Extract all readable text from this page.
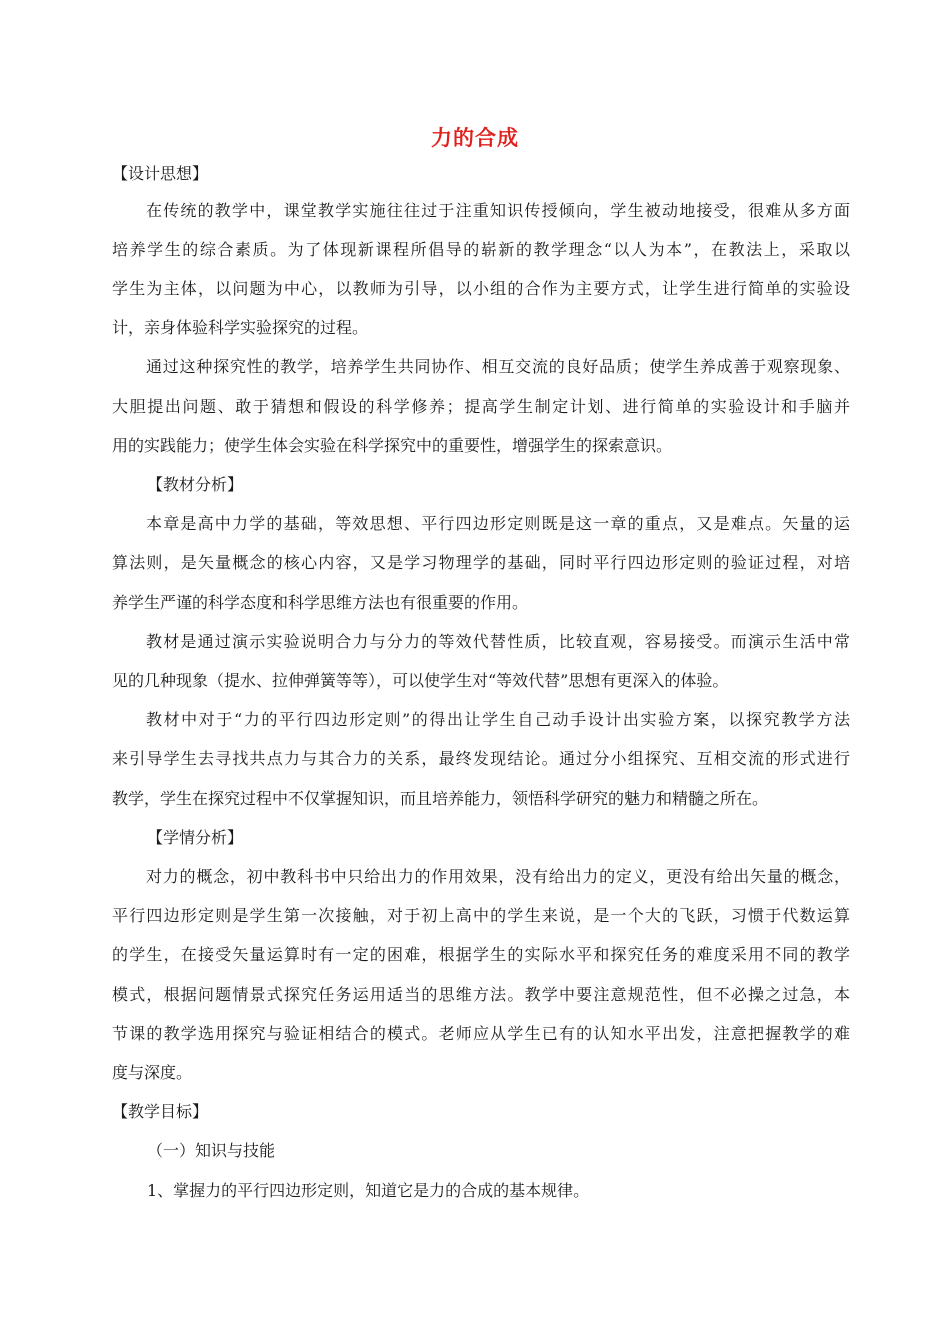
力的合成
【设计思想】
在传统的教学中，课堂教学实施往往过于注重知识传授倾向，学生被动地接受，很难从多方面
培养学生的综合素质。为了体现新课程所倡导的崭新的教学理念“以人为本”，在教法上，采取以
学生为主体，以问题为中心，以教师为引导，以小组的合作为主要方式，让学生进行简单的实验设
计，亲身体验科学实验探究的过程。
通过这种探究性的教学，培养学生共同协作、相互交流的良好品质；使学生养成善于观察现象、
大胆提出问题、敢于猜想和假设的科学修养；提高学生制定计划、进行简单的实验设计和手脑并
用的实践能力；使学生体会实验在科学探究中的重要性，增强学生的探索意识。
【教材分析】
本章是高中力学的基础，等效思想、平行四边形定则既是这一章的重点，又是难点。矢量的运
算法则，是矢量概念的核心内容，又是学习物理学的基础，同时平行四边形定则的验证过程，对培
养学生严谨的科学态度和科学思维方法也有很重要的作用。
教材是通过演示实验说明合力与分力的等效代替性质，比较直观，容易接受。而演示生活中常
见的几种现象（提水、拉伸弹簧等等），可以使学生对“等效代替”思想有更深入的体验。
教材中对于“力的平行四边形定则”的得出让学生自己动手设计出实验方案，以探究教学方法
来引导学生去寻找共点力与其合力的关系，最终发现结论。通过分小组探究、互相交流的形式进行
教学，学生在探究过程中不仅掌握知识，而且培养能力，领悟科学研究的魅力和精髓之所在。
【学情分析】
对力的概念，初中教科书中只给出力的作用效果，没有给出力的定义，更没有给出矢量的概念，
平行四边形定则是学生第一次接触，对于初上高中的学生来说，是一个大的飞跃，习惯于代数运算
的学生，在接受矢量运算时有一定的困难，根据学生的实际水平和探究任务的难度采用不同的教学
模式，根据问题情景式探究任务运用适当的思维方法。教学中要注意规范性，但不必操之过急，本
节课的教学选用探究与验证相结合的模式。老师应从学生已有的认知水平出发，注意把握教学的难
度与深度。
【教学目标】
（一）知识与技能
1、掌握力的平行四边形定则，知道它是力的合成的基本规律。
